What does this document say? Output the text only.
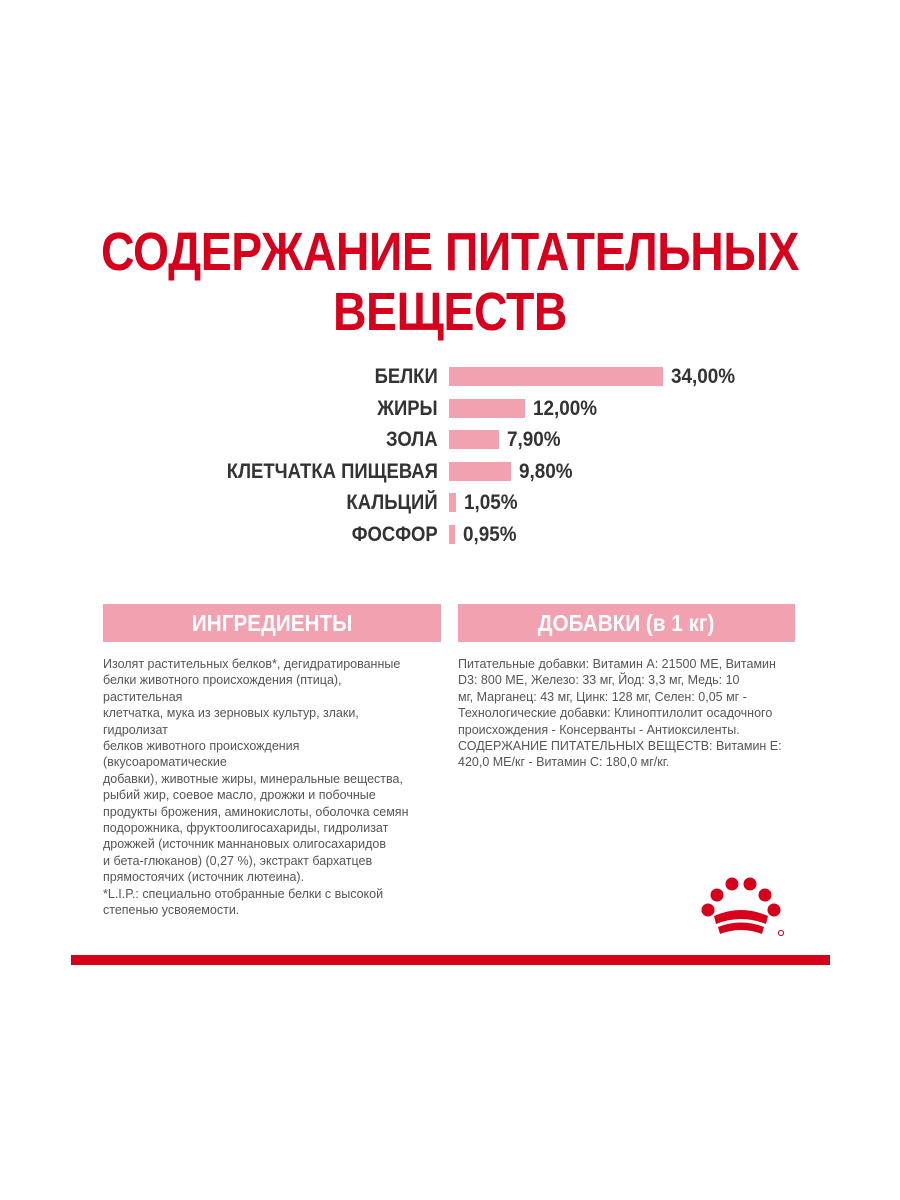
СОДЕРЖАНИЕ ПИТАТЕЛЬНЫХ
ВЕЩЕСТВ
БЕЛКИ	34,00%
ЖИРЫ	12,00%
ЗОЛА	7,90%
КЛЕТЧАТКА ПИЩЕВАЯ	9,80%
КАЛЬЦИЙ 1,05%
ФОСФОР 0,95%
ИНГРЕДИЕНТЫ	ДОБАВКИ (в 1 кг)

Изолят растительных белков*, дегидратированные
белки животного происхождения (птица), растительная
клетчатка, мука из зерновых культур, злаки, гидролизат
белков животного происхождения (вкусоароматические
добавки), животные жиры, минеральные вещества,
рыбий жир, соевое масло, дрожжи и побочные
продукты брожения, аминокислоты, оболочка семян
подорожника, фруктоолигосахариды, гидролизат
дрожжей (источник маннановых олигосахаридов
и бета-глюканов) (0,27 %), экстракт бархатцев
прямостоячих (источник лютеина).
*L.I.P.: специально отобранные белки с высокой
степенью усвояемости.

Питательные добавки: Витамин А: 21500 МЕ, Витамин
D3: 800 МЕ, Железо: 33 мг, Йод: 3,3 мг, Медь: 10
мг, Марганец: 43 мг, Цинк: 128 мг, Селен: 0,05 мг -
Технологические добавки: Клиноптилолит осадочного
происхождения - Консерванты - Антиоксиленты.
СОДЕРЖАНИЕ ПИТАТЕЛЬНЫХ ВЕЩЕСТВ: Витамин Е:
420,0 МЕ/кг - Витамин С: 180,0 мг/кг.
